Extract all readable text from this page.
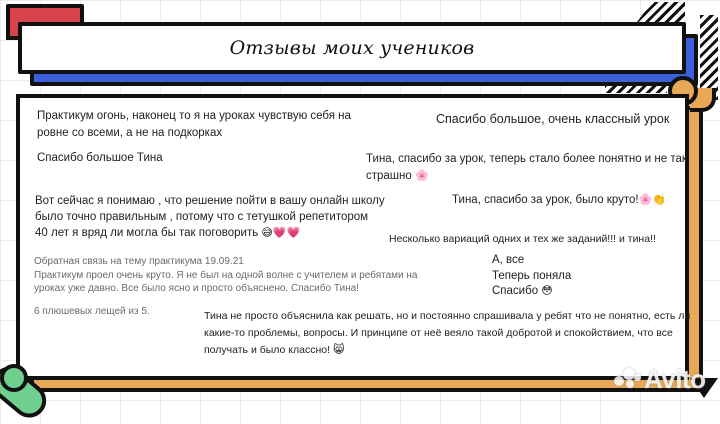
Отзывы моих учеников
Практикум огонь, наконец то я на уроках чувствую себя на
ровне со всеми, а не на подкорках
Спасибо большое Тина
Вот сейчас я понимаю , что решение пойти в вашу онлайн школу
было точно правильным , потому что с тетушкой репетитором
40 лет я вряд ли могла бы так поговорить 😅💗💗
Обратная связь на тему практикума 19.09.21
Практикум проел очень круто. Я не был на одной волне с учителем и ребятами на
уроках уже давно. Все было ясно и просто объяснено. Спасибо Тина!
6 плюшевых лещей из 5.
Спасибо большое, очень классный урок
Тина, спасибо за урок, теперь стало более понятно и не так
страшно 🌸
Тина, спасибо за урок, было круто!🌸👏
Несколько вариаций одних и тех же заданий!!! и тина!!
А, все
Теперь поняла
Спасибо 😳
Тина не просто объяснила как решать, но и постоянно спрашивала у ребят что не понятно, есть ли
какие-то проблемы, вопросы. И принципе от неё веяло такой добротой и спокойствием, что все
получать и было классно! 😸
Avito
